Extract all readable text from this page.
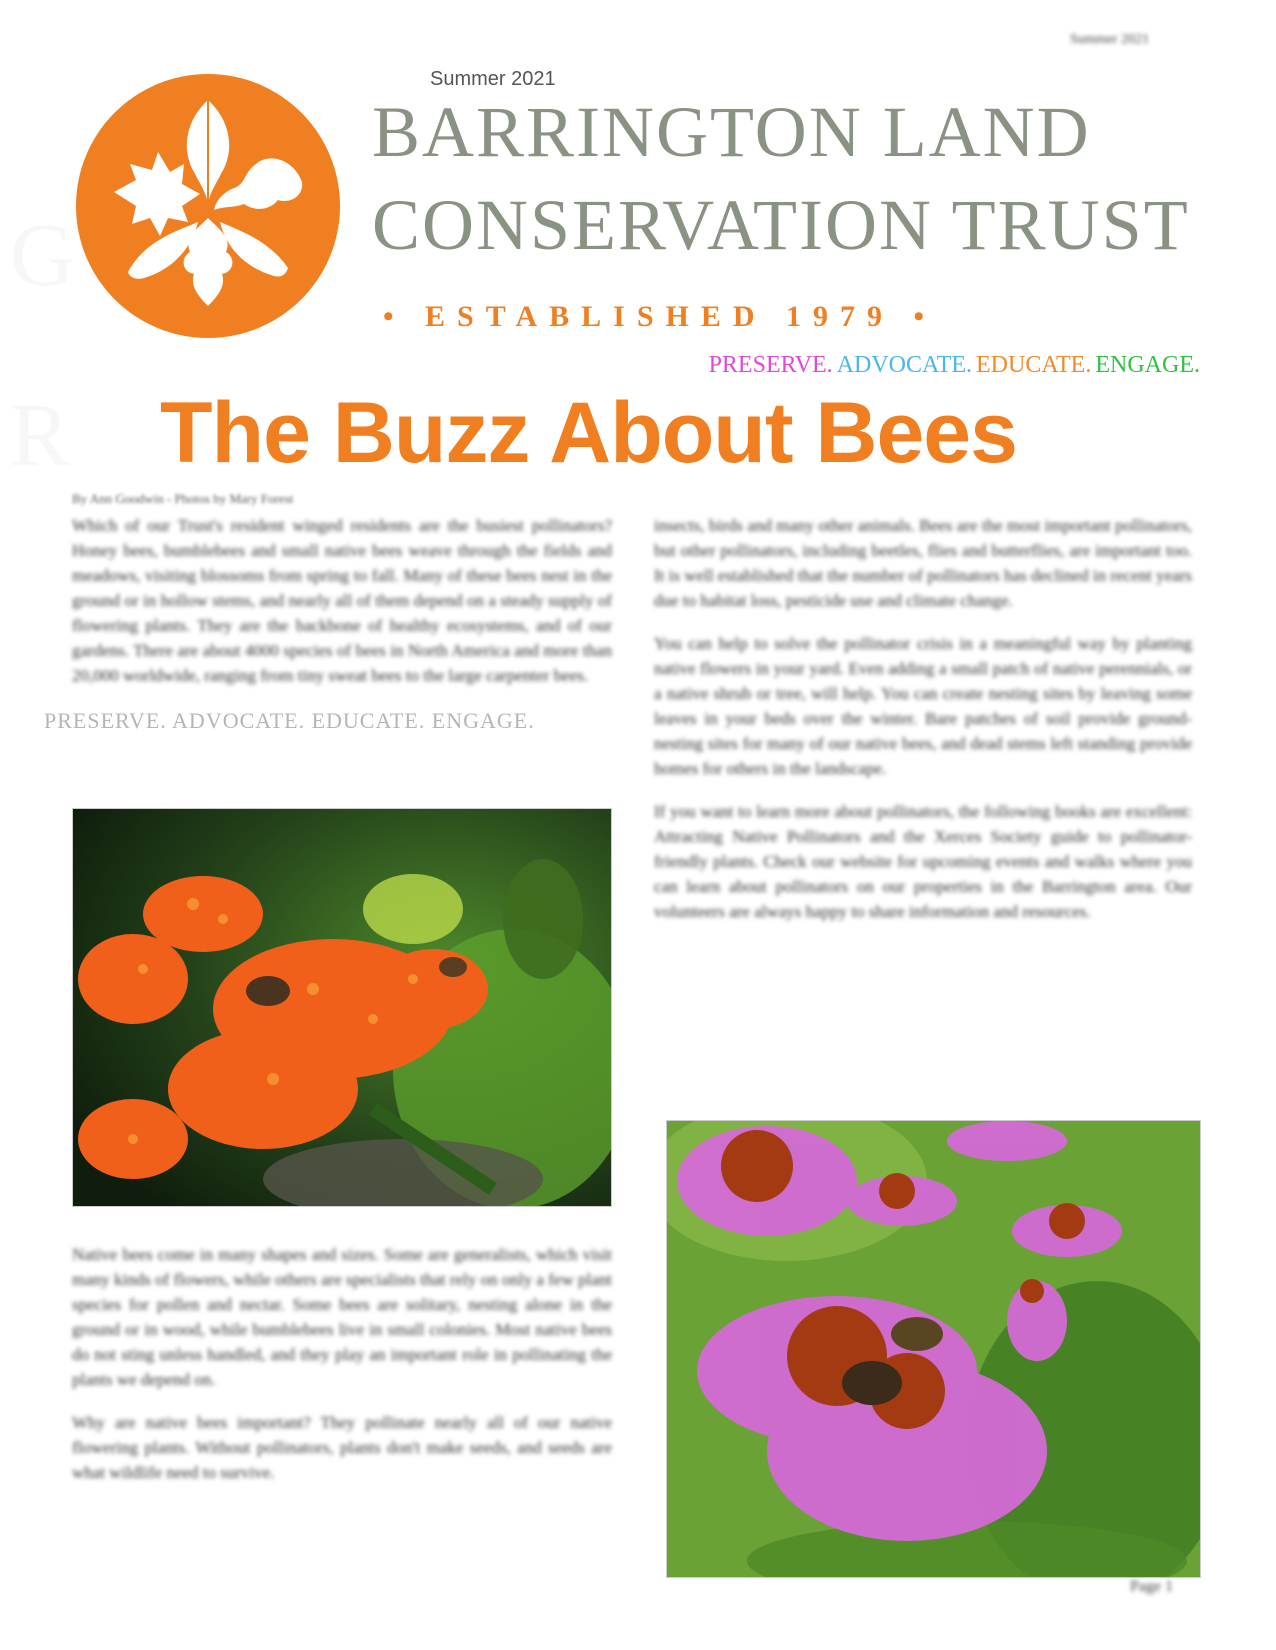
Summer 2021
Summer 2021
G
R
BARRINGTON LAND
CONSERVATION TRUST
• ESTABLISHED 1979 •
PRESERVE. ADVOCATE. EDUCATE. ENGAGE.
The Buzz About Bees
By Ann Goodwin - Photos by Mary Forest

Which of our Trust's resident winged residents are the busiest pollinators? Honey bees, bumblebees and small native bees weave through the fields and meadows, visiting blossoms from spring to fall. Many of these bees nest in the ground or in hollow stems, and nearly all of them depend on a steady supply of flowering plants. They are the backbone of healthy ecosystems, and of our gardens. There are about 4000 species of bees in North America and more than 20,000 worldwide, ranging from tiny sweat bees to the large carpenter bees.

PRESERVE. ADVOCATE. EDUCATE. ENGAGE.

Native bees come in many shapes and sizes. Some are generalists, which visit many kinds of flowers, while others are specialists that rely on only a few plant species for pollen and nectar. Some bees are solitary, nesting alone in the ground or in wood, while bumblebees live in small colonies. Most native bees do not sting unless handled, and they play an important role in pollinating the plants we depend on.

Why are native bees important? They pollinate nearly all of our native flowering plants. Without pollinators, plants don't make seeds, and seeds are what wildlife need to survive.

insects, birds and many other animals. Bees are the most important pollinators, but other pollinators, including beetles, flies and butterflies, are important too. It is well established that the number of pollinators has declined in recent years due to habitat loss, pesticide use and climate change.

You can help to solve the pollinator crisis in a meaningful way by planting native flowers in your yard. Even adding a small patch of native perennials, or a native shrub or tree, will help. You can create nesting sites by leaving some leaves in your beds over the winter. Bare patches of soil provide ground-nesting sites for many of our native bees, and dead stems left standing provide homes for others in the landscape.

If you want to learn more about pollinators, the following books are excellent: Attracting Native Pollinators and the Xerces Society guide to pollinator-friendly plants. Check our website for upcoming events and walks where you can learn about pollinators on our properties in the Barrington area. Our volunteers are always happy to share information and resources.

Page 1
